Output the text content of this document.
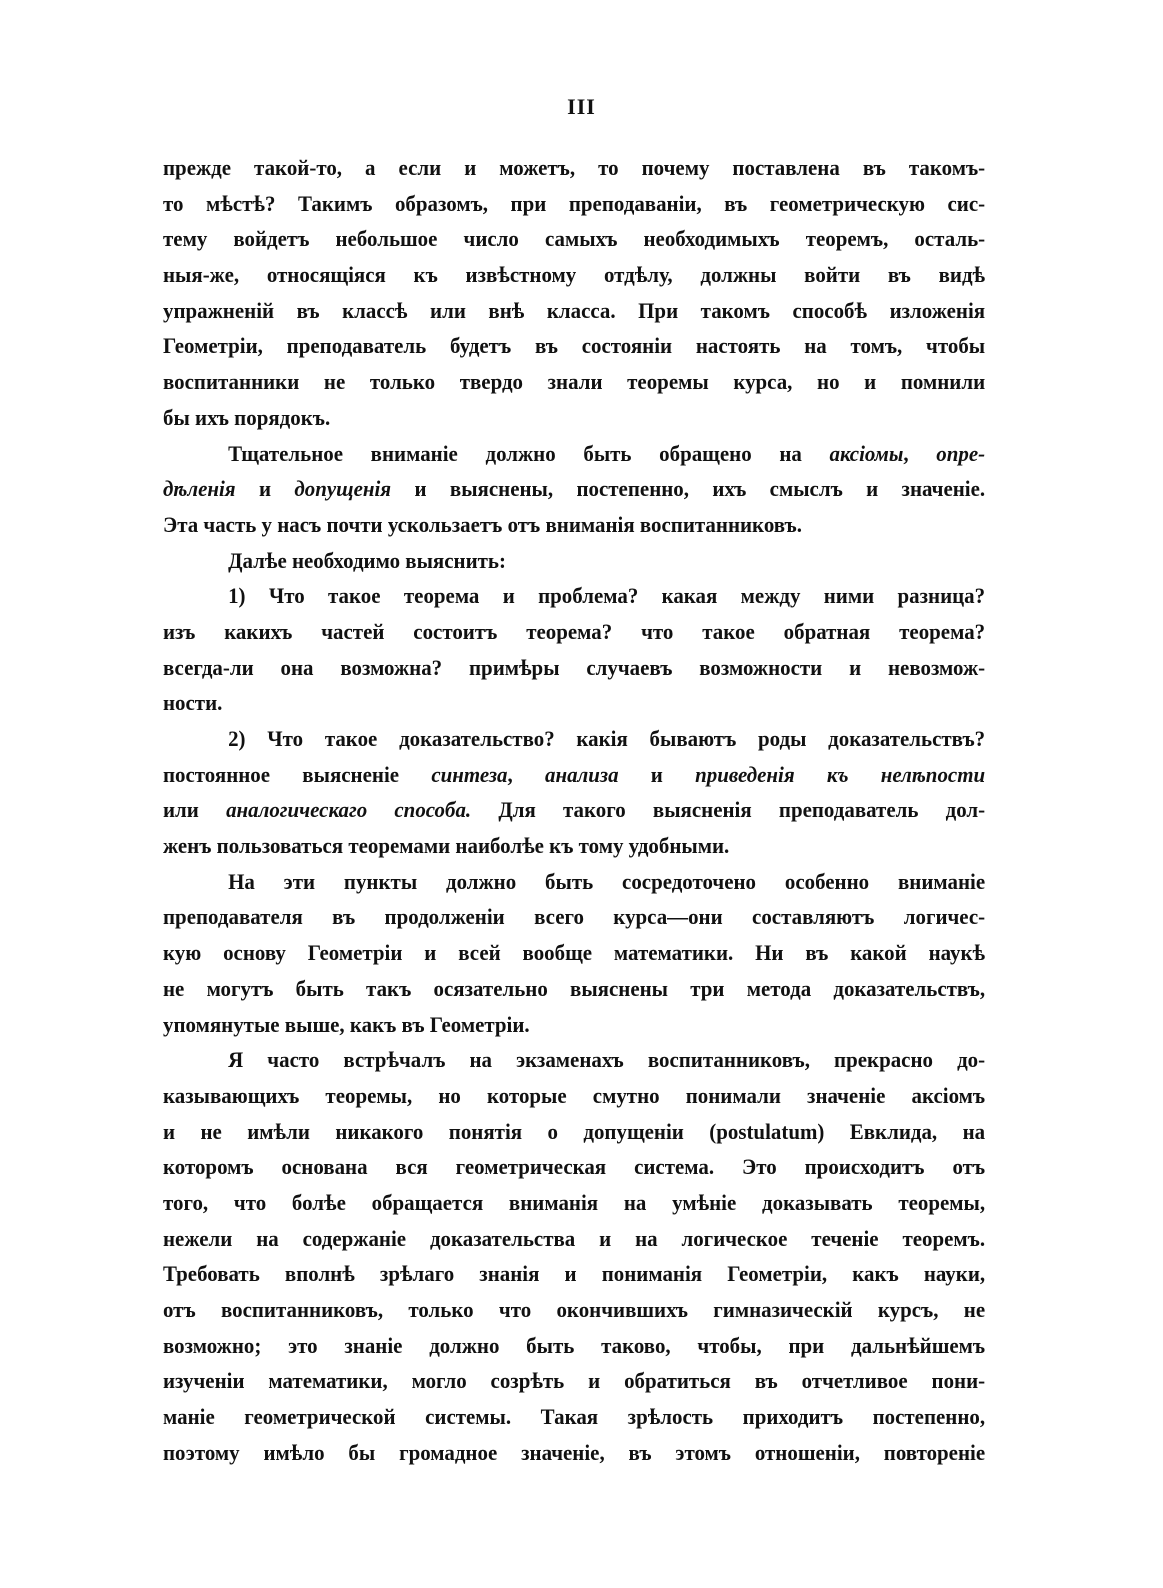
III
прежде такой-то, а если и можетъ, то почему поставлена въ такомъ-
то мѣстѣ? Такимъ образомъ, при преподаваніи, въ геометрическую сис-
тему войдетъ небольшое число самыхъ необходимыхъ теоремъ, осталь-
ныя-же, относящіяся къ извѣстному отдѣлу, должны войти въ видѣ
упражненій въ классѣ или внѣ класса. При такомъ способѣ изложенія
Геометріи, преподаватель будетъ въ состояніи настоять на томъ, чтобы
воспитанники не только твердо знали теоремы курса, но и помнили
бы ихъ порядокъ.
Тщательное вниманіе должно быть обращено на аксіомы, опре-
дѣленія и допущенія и выяснены, постепенно, ихъ смыслъ и значеніе.
Эта часть у насъ почти ускользаетъ отъ вниманія воспитанниковъ.
Далѣе необходимо выяснить:
1) Что такое теорема и проблема? какая между ними разница?
изъ какихъ частей состоитъ теорема? что такое обратная теорема?
всегда-ли она возможна? примѣры случаевъ возможности и невозмож-
ности.
2) Что такое доказательство? какія бываютъ роды доказательствъ?
постоянное выясненіе синтеза, анализа и приведенія къ нелѣпости
или аналогическаго способа. Для такого выясненія преподаватель дол-
женъ пользоваться теоремами наиболѣе къ тому удобными.
На эти пункты должно быть сосредоточено особенно вниманіе
преподавателя въ продолженіи всего курса—они составляютъ логичес-
кую основу Геометріи и всей вообще математики. Ни въ какой наукѣ
не могутъ быть такъ осязательно выяснены три метода доказательствъ,
упомянутые выше, какъ въ Геометріи.
Я часто встрѣчалъ на экзаменахъ воспитанниковъ, прекрасно до-
казывающихъ теоремы, но которые смутно понимали значеніе аксіомъ
и не имѣли никакого понятія о допущеніи (postulatum) Евклида, на
которомъ основана вся геометрическая система. Это происходитъ отъ
того, что болѣе обращается вниманія на умѣніе доказывать теоремы,
нежели на содержаніе доказательства и на логическое теченіе теоремъ.
Требовать вполнѣ зрѣлаго знанія и пониманія Геометріи, какъ науки,
отъ воспитанниковъ, только что окончившихъ гимназическій курсъ, не
возможно; это знаніе должно быть таково, чтобы, при дальнѣйшемъ
изученіи математики, могло созрѣть и обратиться въ отчетливое пони-
маніе геометрической системы. Такая зрѣлость приходитъ постепенно,
поэтому имѣло бы громадное значеніе, въ этомъ отношеніи, повтореніе
